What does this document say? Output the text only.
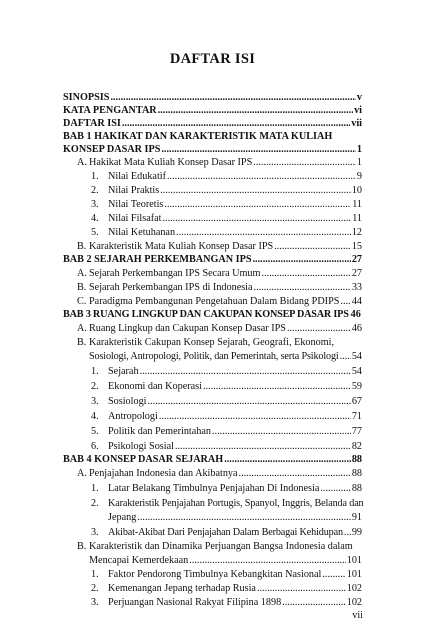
DAFTAR ISI
SINOPSIS .....	v
KATA PENGANTAR .....	vi
DAFTAR ISI .....	vii
BAB 1 HAKIKAT DAN KARAKTERISTIK MATA KULIAH
KONSEP DASAR IPS .....	1
A. Hakikat Mata Kuliah Konsep Dasar IPS .....	1
1. Nilai Edukatif .....	9
2. Nilai Praktis .....	10
3. Nilai Teoretis .....	11
4. Nilai Filsafat .....	11
5. Nilai Ketuhanan .....	12
B. Karakteristik Mata Kuliah Konsep Dasar IPS .....	15
BAB 2 SEJARAH PERKEMBANGAN IPS .....	27
A. Sejarah Perkembangan IPS Secara Umum .....	27
B. Sejarah Perkembangan IPS di Indonesia .....	33
C. Paradigma Pembangunan Pengetahuan Dalam Bidang PDIPS ..... 44
BAB 3 RUANG LINGKUP DAN CAKUPAN KONSEP DASAR IPS 46
A. Ruang Lingkup dan Cakupan Konsep Dasar IPS .....	46
B. Karakteristik Cakupan Konsep Sejarah, Geografi, Ekonomi,
Sosiologi, Antropologi, Politik, dan Pemerintah, serta Psikologi ..... 54
1. Sejarah .....	54
2. Ekonomi dan Koperasi .....	59
3. Sosiologi .....	67
4. Antropologi .....	71
5. Politik dan Pemerintahan .....	77
6. Psikologi Sosial .....	82
BAB 4 KONSEP DASAR SEJARAH .....	88
A. Penjajahan Indonesia dan Akibatnya .....	88
1. Latar Belakang Timbulnya Penjajahan Di Indonesia .....	88
2. Karakteristik Penjajahan Portugis, Spanyol, Inggris, Belanda dan
Jepang .....	91
3. Akibat-Akibat Dari Penjajahan Dalam Berbagai Kehidupan ..... 99
B. Karakteristik dan Dinamika Perjuangan Bangsa Indonesia dalam
Mencapai Kemerdekaan .....	101
1. Faktor Pendorong Timbulnya Kebangkitan Nasional ..... 101
2. Kemenangan Jepang terhadap Rusia .....	102
3. Perjuangan Nasional Rakyat Filipina 1898 .....	102
vii
